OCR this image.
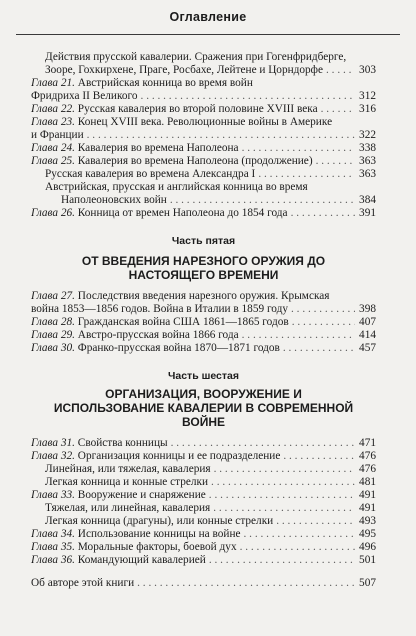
Оглавление
Действия прусской кавалерии. Сражения при Гогенфридберге,
Зооре, Гохкирхене, Праге, Росбахе, Лейтене и Цорндорфе . . .	303
Глава 21. Австрийская конница во время войн
Фридриха II Великого . . .	312
Глава 22. Русская кавалерия во второй половине XVIII века . . .	316
Глава 23. Конец XVIII века. Революционные войны в Америке
и Франции . . .	322
Глава 24. Кавалерия во времена Наполеона . . .	338
Глава 25. Кавалерия во времена Наполеона (продолжение) . . .	363
Русская кавалерия во времена Александра I . . .	363
Австрийская, прусская и английская конница во время
Наполеоновских войн . . .	384
Глава 26. Конница от времен Наполеона до 1854 года . . .	391
Часть пятая
ОТ ВВЕДЕНИЯ НАРЕЗНОГО ОРУЖИЯ ДО НАСТОЯЩЕГО ВРЕМЕНИ
Глава 27. Последствия введения нарезного оружия. Крымская
война 1853—1856 годов. Война в Италии в 1859 году . . .	398
Глава 28. Гражданская война США 1861—1865 годов . . .	407
Глава 29. Австро-прусская война 1866 года . . .	414
Глава 30. Франко-прусская война 1870—1871 годов . . .	457
Часть шестая
ОРГАНИЗАЦИЯ, ВООРУЖЕНИЕ И ИСПОЛЬЗОВАНИЕ КАВАЛЕРИИ В СОВРЕМЕННОЙ ВОЙНЕ
Глава 31. Свойства конницы . . .	471
Глава 32. Организация конницы и ее подразделение . . .	476
Линейная, или тяжелая, кавалерия . . .	476
Легкая конница и конные стрелки . . .	481
Глава 33. Вооружение и снаряжение . . .	491
Тяжелая, или линейная, кавалерия . . .	491
Легкая конница (драгуны), или конные стрелки . . .	493
Глава 34. Использование конницы на войне . . .	495
Глава 35. Моральные факторы, боевой дух . . .	496
Глава 36. Командующий кавалерией . . .	501
Об авторе этой книги . . .	507
